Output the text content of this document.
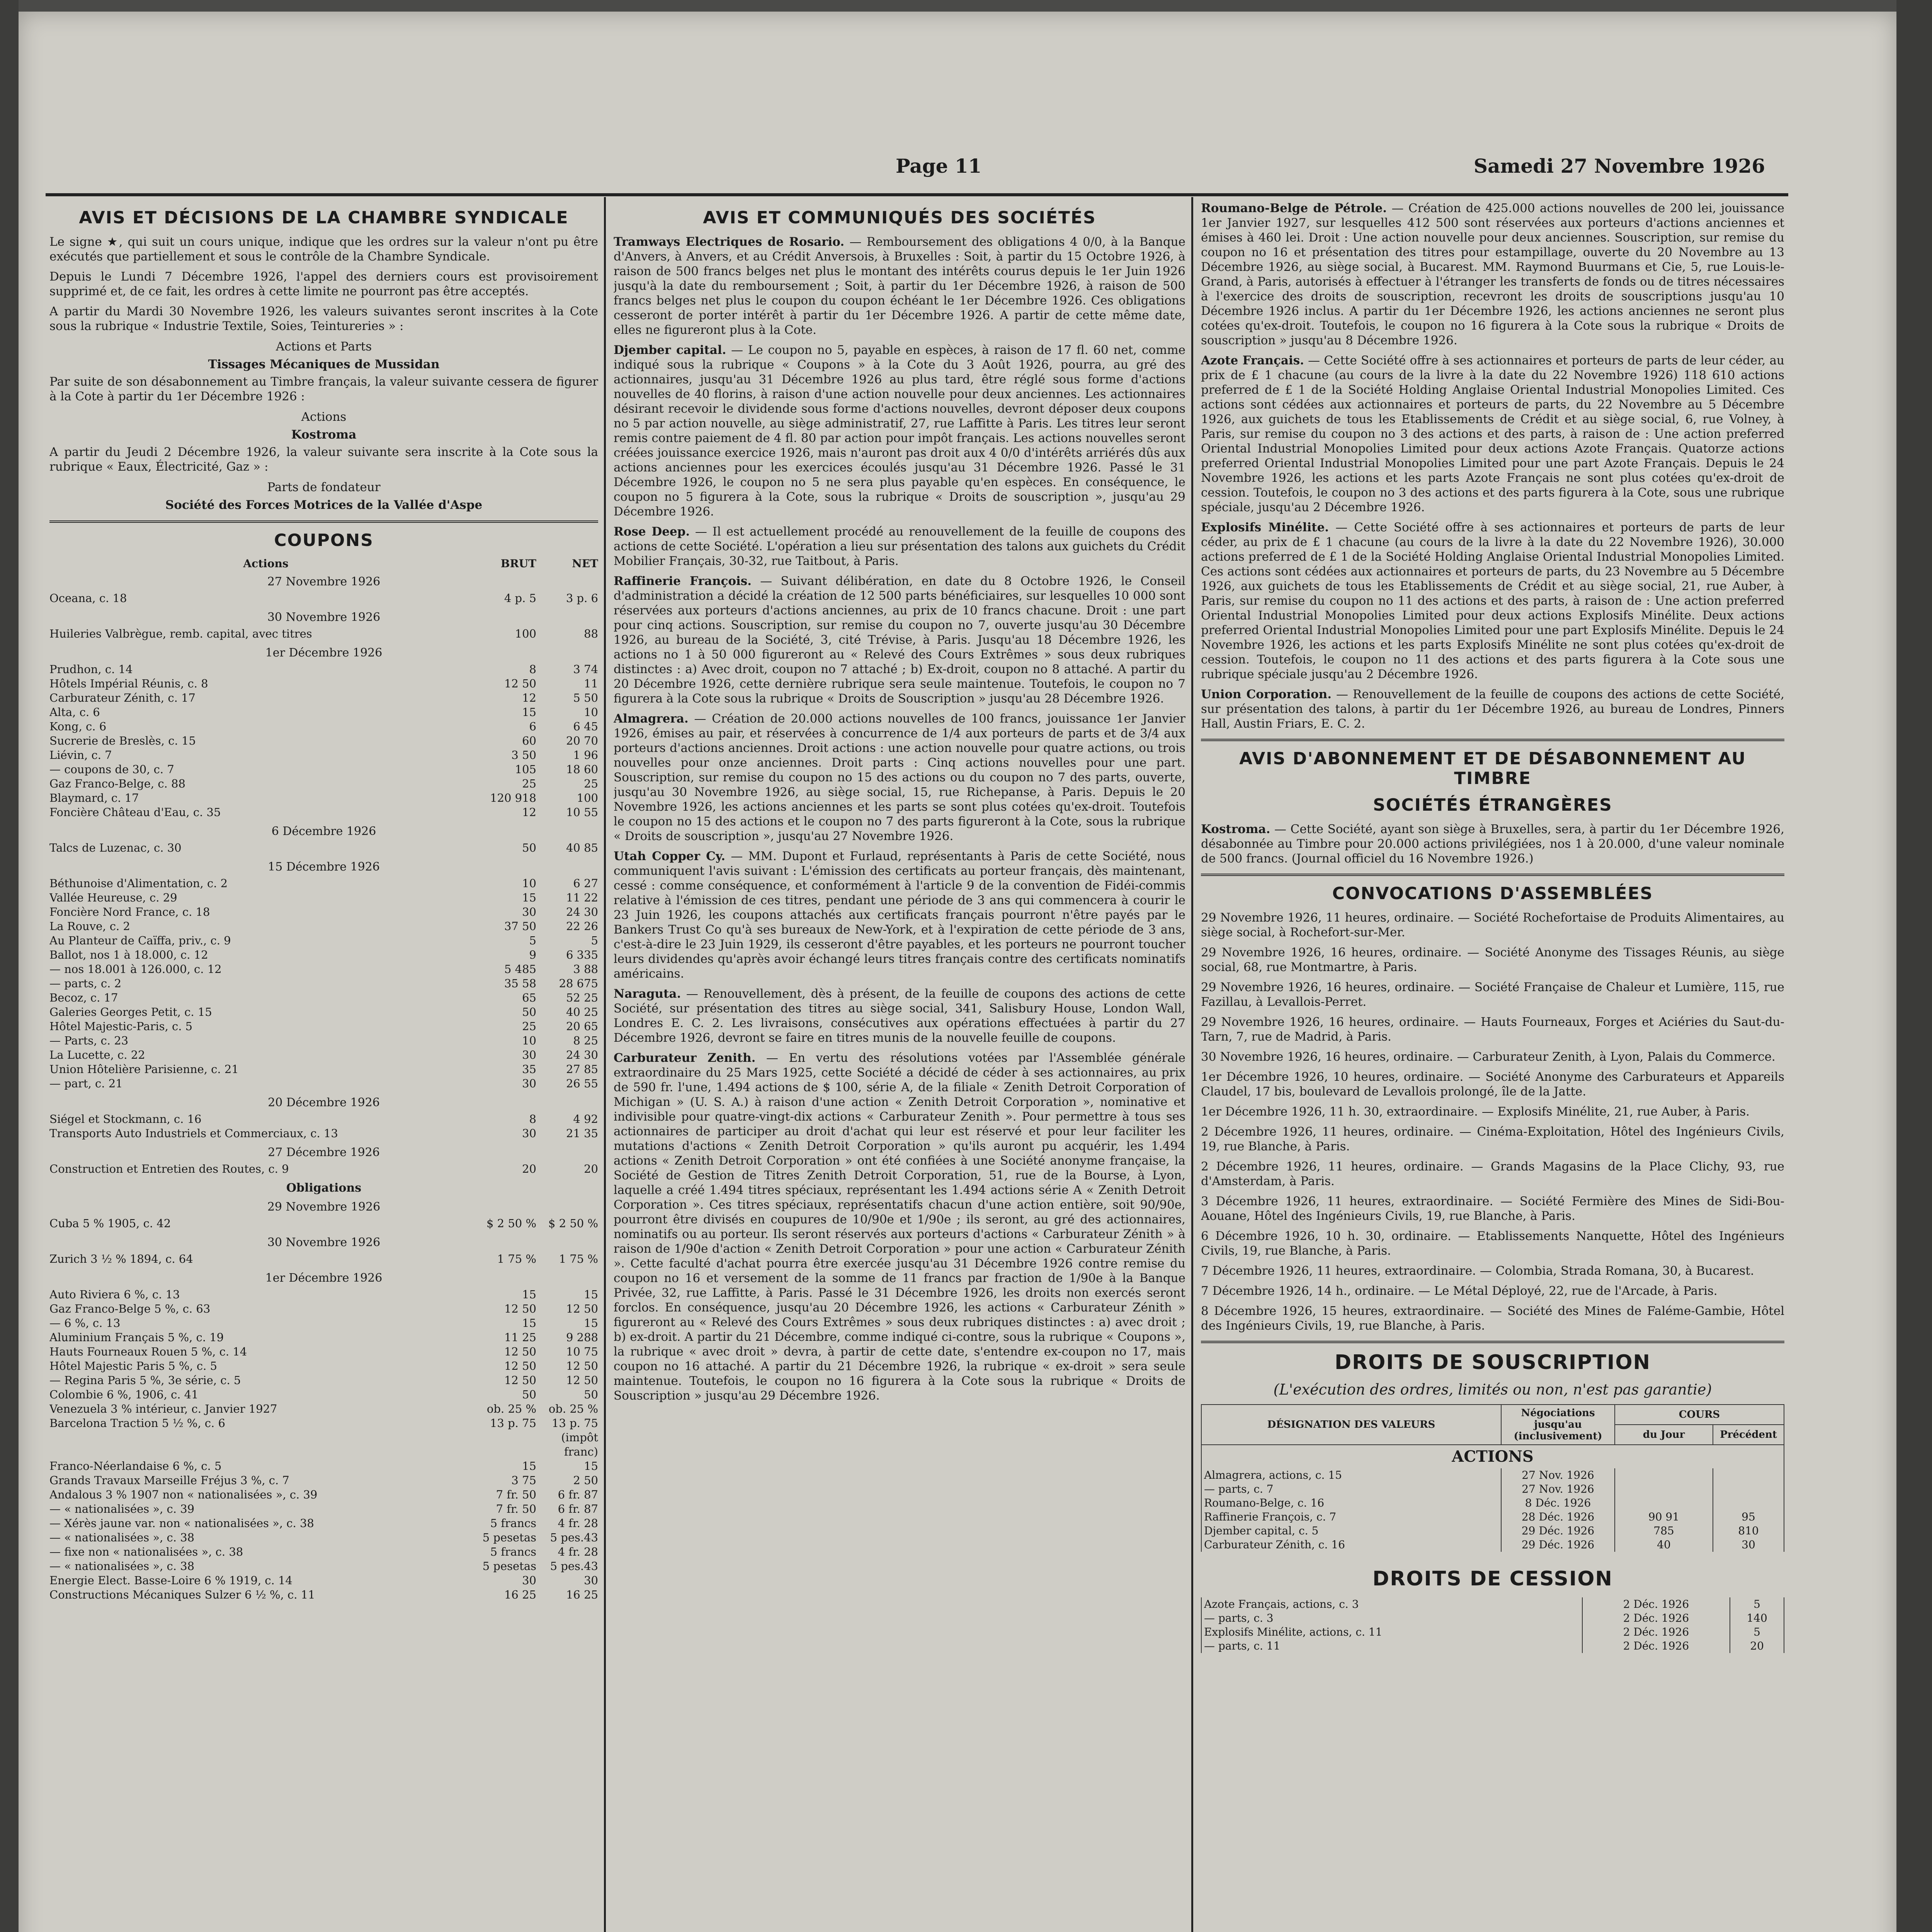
Page 11	Samedi 27 Novembre 1926
AVIS ET DÉCISIONS DE LA CHAMBRE SYNDICALE

Le signe ★, qui suit un cours unique, indique que les ordres sur la valeur n'ont pu être exécutés que partiellement et sous le contrôle de la Chambre Syndicale.

Depuis le Lundi 7 Décembre 1926, l'appel des derniers cours est provisoirement supprimé et, de ce fait, les ordres à cette limite ne pourront pas être acceptés.

A partir du Mardi 30 Novembre 1926, les valeurs suivantes seront inscrites à la Cote sous la rubrique « Industrie Textile, Soies, Teintureries » :

Actions et Parts
Tissages Mécaniques de Mussidan

Par suite de son désabonnement au Timbre français, la valeur suivante cessera de figurer à la Cote à partir du 1er Décembre 1926 :

Actions
Kostroma

A partir du Jeudi 2 Décembre 1926, la valeur suivante sera inscrite à la Cote sous la rubrique « Eaux, Électricité, Gaz » :

Parts de fondateur
Société des Forces Motrices de la Vallée d'Aspe
COUPONS
Actions	BRUT	NET
27 Novembre 1926
Oceana, c. 18	4 p. 5	3 p. 6
30 Novembre 1926
Huileries Valbrègue, remb. capital, avec titres	100	88
1er Décembre 1926
Prudhon, c. 14	8	3 74
Hôtels Impérial Réunis, c. 8	12 50	11
Carburateur Zénith, c. 17	12	5 50
Alta, c. 6	15	10
Kong, c. 6	6	6 45
Sucrerie de Breslès, c. 15	60	20 70
Liévin, c. 7	3 50	1 96
— coupons de 30, c. 7	105	18 60
Gaz Franco-Belge, c. 88	25	25
Blaymard, c. 17	120 918	100
Foncière Château d'Eau, c. 35	12	10 55
6 Décembre 1926
Talcs de Luzenac, c. 30	50	40 85
15 Décembre 1926
Béthunoise d'Alimentation, c. 2	10	6 27
Vallée Heureuse, c. 29	15	11 22
Foncière Nord France, c. 18	30	24 30
La Rouve, c. 2	37 50	22 26
Au Planteur de Caïffa, priv., c. 9	5	5
Ballot, nos 1 à 18.000, c. 12	9	6 335
— nos 18.001 à 126.000, c. 12	5 485	3 88
— parts, c. 2	35 58	28 675
Becoz, c. 17	65	52 25
Galeries Georges Petit, c. 15	50	40 25
Hôtel Majestic-Paris, c. 5	25	20 65
— Parts, c. 23	10	8 25
La Lucette, c. 22	30	24 30
Union Hôtelière Parisienne, c. 21	35	27 85
— part, c. 21	30	26 55
20 Décembre 1926
Siégel et Stockmann, c. 16	8	4 92
Transports Auto Industriels et Commerciaux, c. 13	30	21 35
27 Décembre 1926
Construction et Entretien des Routes, c. 9	20	20
Obligations
29 Novembre 1926
Cuba 5 % 1905, c. 42	$ 2 50 %	$ 2 50 %
30 Novembre 1926
Zurich 3 ½ % 1894, c. 64	1 75 %	1 75 %
1er Décembre 1926
Auto Riviera 6 %, c. 13	15	15
Gaz Franco-Belge 5 %, c. 63	12 50	12 50
— 6 %, c. 13	15	15
Aluminium Français 5 %, c. 19	11 25	9 288
Hauts Fourneaux Rouen 5 %, c. 14	12 50	10 75
Hôtel Majestic Paris 5 %, c. 5	12 50	12 50
— Regina Paris 5 %, 3e série, c. 5	12 50	12 50
Colombie 6 %, 1906, c. 41	50	50
Venezuela 3 % intérieur, c. Janvier 1927	ob. 25 %	ob. 25 %
Barcelona Traction 5 ½ %, c. 6	13 p. 75	13 p. 75 (impôt franc)
Franco-Néerlandaise 6 %, c. 5	15	15
Grands Travaux Marseille Fréjus 3 %, c. 7	3 75	2 50
Andalous 3 % 1907 non « nationalisées », c. 39	7 fr. 50	6 fr. 87
— « nationalisées », c. 39	7 fr. 50	6 fr. 87
— Xérès jaune var. non « nationalisées », c. 38	5 francs	4 fr. 28
— « nationalisées », c. 38	5 pesetas	5 pes.43
— fixe non « nationalisées », c. 38	5 francs	4 fr. 28
— « nationalisées », c. 38	5 pesetas	5 pes.43
Energie Elect. Basse-Loire 6 % 1919, c. 14	30	30
Constructions Mécaniques Sulzer 6 ½ %, c. 11	16 25	16 25
AVIS ET COMMUNIQUÉS DES SOCIÉTÉS

Tramways Electriques de Rosario. — Remboursement des obligations 4 0/0, à la Banque d'Anvers, à Anvers, et au Crédit Anversois, à Bruxelles : Soit, à partir du 15 Octobre 1926, à raison de 500 francs belges net plus le montant des intérêts courus depuis le 1er Juin 1926 jusqu'à la date du remboursement ; Soit, à partir du 1er Décembre 1926, à raison de 500 francs belges net plus le coupon du coupon échéant le 1er Décembre 1926. Ces obligations cesseront de porter intérêt à partir du 1er Décembre 1926. A partir de cette même date, elles ne figureront plus à la Cote.

Djember capital. — Le coupon no 5, payable en espèces, à raison de 17 fl. 60 net, comme indiqué sous la rubrique « Coupons » à la Cote du 3 Août 1926, pourra, au gré des actionnaires, jusqu'au 31 Décembre 1926 au plus tard, être réglé sous forme d'actions nouvelles de 40 florins, à raison d'une action nouvelle pour deux anciennes. Les actionnaires désirant recevoir le dividende sous forme d'actions nouvelles, devront déposer deux coupons no 5 par action nouvelle, au siège administratif, 27, rue Laffitte à Paris. Les titres leur seront remis contre paiement de 4 fl. 80 par action pour impôt français. Les actions nouvelles seront créées jouissance exercice 1926, mais n'auront pas droit aux 4 0/0 d'intérêts arriérés dûs aux actions anciennes pour les exercices écoulés jusqu'au 31 Décembre 1926. Passé le 31 Décembre 1926, le coupon no 5 ne sera plus payable qu'en espèces. En conséquence, le coupon no 5 figurera à la Cote, sous la rubrique « Droits de souscription », jusqu'au 29 Décembre 1926.

Rose Deep. — Il est actuellement procédé au renouvellement de la feuille de coupons des actions de cette Société. L'opération a lieu sur présentation des talons aux guichets du Crédit Mobilier Français, 30-32, rue Taitbout, à Paris.

Raffinerie François. — Suivant délibération, en date du 8 Octobre 1926, le Conseil d'administration a décidé la création de 12 500 parts bénéficiaires, sur lesquelles 10 000 sont réservées aux porteurs d'actions anciennes, au prix de 10 francs chacune. Droit : une part pour cinq actions. Souscription, sur remise du coupon no 7, ouverte jusqu'au 30 Décembre 1926, au bureau de la Société, 3, cité Trévise, à Paris. Jusqu'au 18 Décembre 1926, les actions no 1 à 50 000 figureront au « Relevé des Cours Extrêmes » sous deux rubriques distinctes : a) Avec droit, coupon no 7 attaché ; b) Ex-droit, coupon no 8 attaché. A partir du 20 Décembre 1926, cette dernière rubrique sera seule maintenue. Toutefois, le coupon no 7 figurera à la Cote sous la rubrique « Droits de Souscription » jusqu'au 28 Décembre 1926.

Almagrera. — Création de 20.000 actions nouvelles de 100 francs, jouissance 1er Janvier 1926, émises au pair, et réservées à concurrence de 1/4 aux porteurs de parts et de 3/4 aux porteurs d'actions anciennes. Droit actions : une action nouvelle pour quatre actions, ou trois nouvelles pour onze anciennes. Droit parts : Cinq actions nouvelles pour une part. Souscription, sur remise du coupon no 15 des actions ou du coupon no 7 des parts, ouverte, jusqu'au 30 Novembre 1926, au siège social, 15, rue Richepanse, à Paris. Depuis le 20 Novembre 1926, les actions anciennes et les parts se sont plus cotées qu'ex-droit. Toutefois le coupon no 15 des actions et le coupon no 7 des parts figureront à la Cote, sous la rubrique « Droits de souscription », jusqu'au 27 Novembre 1926.

Utah Copper Cy. — MM. Dupont et Furlaud, représentants à Paris de cette Société, nous communiquent l'avis suivant : L'émission des certificats au porteur français, dès maintenant, cessé : comme conséquence, et conformément à l'article 9 de la convention de Fidéi-commis relative à l'émission de ces titres, pendant une période de 3 ans qui commencera à courir le 23 Juin 1926, les coupons attachés aux certificats français pourront n'être payés par le Bankers Trust Co qu'à ses bureaux de New-York, et à l'expiration de cette période de 3 ans, c'est-à-dire le 23 Juin 1929, ils cesseront d'être payables, et les porteurs ne pourront toucher leurs dividendes qu'après avoir échangé leurs titres français contre des certificats nominatifs américains.

Naraguta. — Renouvellement, dès à présent, de la feuille de coupons des actions de cette Société, sur présentation des titres au siège social, 341, Salisbury House, London Wall, Londres E. C. 2. Les livraisons, consécutives aux opérations effectuées à partir du 27 Décembre 1926, devront se faire en titres munis de la nouvelle feuille de coupons.

Carburateur Zenith. — En vertu des résolutions votées par l'Assemblée générale extraordinaire du 25 Mars 1925, cette Société a décidé de céder à ses actionnaires, au prix de 590 fr. l'une, 1.494 actions de $ 100, série A, de la filiale « Zenith Detroit Corporation of Michigan » (U. S. A.) à raison d'une action « Zenith Detroit Corporation », nominative et indivisible pour quatre-vingt-dix actions « Carburateur Zenith ». Pour permettre à tous ses actionnaires de participer au droit d'achat qui leur est réservé et pour leur faciliter les mutations d'actions « Zenith Detroit Corporation » qu'ils auront pu acquérir, les 1.494 actions « Zenith Detroit Corporation » ont été confiées à une Société anonyme française, la Société de Gestion de Titres Zenith Detroit Corporation, 51, rue de la Bourse, à Lyon, laquelle a créé 1.494 titres spéciaux, représentant les 1.494 actions série A « Zenith Detroit Corporation ». Ces titres spéciaux, représentatifs chacun d'une action entière, soit 90/90e, pourront être divisés en coupures de 10/90e et 1/90e ; ils seront, au gré des actionnaires, nominatifs ou au porteur. Ils seront réservés aux porteurs d'actions « Carburateur Zénith » à raison de 1/90e d'action « Zenith Detroit Corporation » pour une action « Carburateur Zénith ». Cette faculté d'achat pourra être exercée jusqu'au 31 Décembre 1926 contre remise du coupon no 16 et versement de la somme de 11 francs par fraction de 1/90e à la Banque Privée, 32, rue Laffitte, à Paris. Passé le 31 Décembre 1926, les droits non exercés seront forclos. En conséquence, jusqu'au 20 Décembre 1926, les actions « Carburateur Zénith » figureront au « Relevé des Cours Extrêmes » sous deux rubriques distinctes : a) avec droit ; b) ex-droit. A partir du 21 Décembre, comme indiqué ci-contre, sous la rubrique « Coupons », la rubrique « avec droit » devra, à partir de cette date, s'entendre ex-coupon no 17, mais coupon no 16 attaché. A partir du 21 Décembre 1926, la rubrique « ex-droit » sera seule maintenue. Toutefois, le coupon no 16 figurera à la Cote sous la rubrique « Droits de Souscription » jusqu'au 29 Décembre 1926.

Roumano-Belge de Pétrole. — Création de 425.000 actions nouvelles de 200 lei, jouissance 1er Janvier 1927, sur lesquelles 412 500 sont réservées aux porteurs d'actions anciennes et émises à 460 lei. Droit : Une action nouvelle pour deux anciennes. Souscription, sur remise du coupon no 16 et présentation des titres pour estampillage, ouverte du 20 Novembre au 13 Décembre 1926, au siège social, à Bucarest. MM. Raymond Buurmans et Cie, 5, rue Louis-le-Grand, à Paris, autorisés à effectuer à l'étranger les transferts de fonds ou de titres nécessaires à l'exercice des droits de souscription, recevront les droits de souscriptions jusqu'au 10 Décembre 1926 inclus. A partir du 1er Décembre 1926, les actions anciennes ne seront plus cotées qu'ex-droit. Toutefois, le coupon no 16 figurera à la Cote sous la rubrique « Droits de souscription » jusqu'au 8 Décembre 1926.

Azote Français. — Cette Société offre à ses actionnaires et porteurs de parts de leur céder, au prix de £ 1 chacune (au cours de la livre à la date du 22 Novembre 1926) 118 610 actions preferred de £ 1 de la Société Holding Anglaise Oriental Industrial Monopolies Limited. Ces actions sont cédées aux actionnaires et porteurs de parts, du 22 Novembre au 5 Décembre 1926, aux guichets de tous les Etablissements de Crédit et au siège social, 6, rue Volney, à Paris, sur remise du coupon no 3 des actions et des parts, à raison de : Une action preferred Oriental Industrial Monopolies Limited pour deux actions Azote Français. Quatorze actions preferred Oriental Industrial Monopolies Limited pour une part Azote Français. Depuis le 24 Novembre 1926, les actions et les parts Azote Français ne sont plus cotées qu'ex-droit de cession. Toutefois, le coupon no 3 des actions et des parts figurera à la Cote, sous une rubrique spéciale, jusqu'au 2 Décembre 1926.

Explosifs Minélite. — Cette Société offre à ses actionnaires et porteurs de parts de leur céder, au prix de £ 1 chacune (au cours de la livre à la date du 22 Novembre 1926), 30.000 actions preferred de £ 1 de la Société Holding Anglaise Oriental Industrial Monopolies Limited. Ces actions sont cédées aux actionnaires et porteurs de parts, du 23 Novembre au 5 Décembre 1926, aux guichets de tous les Etablissements de Crédit et au siège social, 21, rue Auber, à Paris, sur remise du coupon no 11 des actions et des parts, à raison de : Une action preferred Oriental Industrial Monopolies Limited pour deux actions Explosifs Minélite. Deux actions preferred Oriental Industrial Monopolies Limited pour une part Explosifs Minélite. Depuis le 24 Novembre 1926, les actions et les parts Explosifs Minélite ne sont plus cotées qu'ex-droit de cession. Toutefois, le coupon no 11 des actions et des parts figurera à la Cote sous une rubrique spéciale jusqu'au 2 Décembre 1926.

Union Corporation. — Renouvellement de la feuille de coupons des actions de cette Société, sur présentation des talons, à partir du 1er Décembre 1926, au bureau de Londres, Pinners Hall, Austin Friars, E. C. 2.

AVIS D'ABONNEMENT ET DE DÉSABONNEMENT AU TIMBRE
SOCIÉTÉS ÉTRANGÈRES

Kostroma. — Cette Société, ayant son siège à Bruxelles, sera, à partir du 1er Décembre 1926, désabonnée au Timbre pour 20.000 actions privilégiées, nos 1 à 20.000, d'une valeur nominale de 500 francs. (Journal officiel du 16 Novembre 1926.)

CONVOCATIONS D'ASSEMBLÉES

29 Novembre 1926, 11 heures, ordinaire. — Société Rochefortaise de Produits Alimentaires, au siège social, à Rochefort-sur-Mer.

29 Novembre 1926, 16 heures, ordinaire. — Société Anonyme des Tissages Réunis, au siège social, 68, rue Montmartre, à Paris.

29 Novembre 1926, 16 heures, ordinaire. — Société Française de Chaleur et Lumière, 115, rue Fazillau, à Levallois-Perret.

29 Novembre 1926, 16 heures, ordinaire. — Hauts Fourneaux, Forges et Aciéries du Saut-du-Tarn, 7, rue de Madrid, à Paris.

30 Novembre 1926, 16 heures, ordinaire. — Carburateur Zenith, à Lyon, Palais du Commerce.

1er Décembre 1926, 10 heures, ordinaire. — Société Anonyme des Carburateurs et Appareils Claudel, 17 bis, boulevard de Levallois prolongé, île de la Jatte.

1er Décembre 1926, 11 h. 30, extraordinaire. — Explosifs Minélite, 21, rue Auber, à Paris.

2 Décembre 1926, 11 heures, ordinaire. — Cinéma-Exploitation, Hôtel des Ingénieurs Civils, 19, rue Blanche, à Paris.

2 Décembre 1926, 11 heures, ordinaire. — Grands Magasins de la Place Clichy, 93, rue d'Amsterdam, à Paris.

3 Décembre 1926, 11 heures, extraordinaire. — Société Fermière des Mines de Sidi-Bou-Aouane, Hôtel des Ingénieurs Civils, 19, rue Blanche, à Paris.

6 Décembre 1926, 10 h. 30, ordinaire. — Etablissements Nanquette, Hôtel des Ingénieurs Civils, 19, rue Blanche, à Paris.

7 Décembre 1926, 11 heures, extraordinaire. — Colombia, Strada Romana, 30, à Bucarest.

7 Décembre 1926, 14 h., ordinaire. — Le Métal Déployé, 22, rue de l'Arcade, à Paris.

8 Décembre 1926, 15 heures, extraordinaire. — Société des Mines de Faléme-Gambie, Hôtel des Ingénieurs Civils, 19, rue Blanche, à Paris.

DROITS DE SOUSCRIPTION
(L'exécution des ordres, limités ou non, n'est pas garantie)
DÉSIGNATION DES VALEURS	Négociations jusqu'au (inclusivement)	COURS	
		du Jour	Précédent
ACTIONS			
Almagrera, actions, c. 15	27 Nov. 1926		
— parts, c. 7	27 Nov. 1926		
Roumano-Belge, c. 16	8 Déc. 1926		
Raffinerie François, c. 7	28 Déc. 1926	90 91	95
Djember capital, c. 5	29 Déc. 1926	785	810
Carburateur Zénith, c. 16	29 Déc. 1926	40	30
DROITS DE CESSION
Azote Français, actions, c. 3	2 Déc. 1926	5
— parts, c. 3	2 Déc. 1926	140
Explosifs Minélite, actions, c. 11	2 Déc. 1926	5
— parts, c. 11	2 Déc. 1926	20
